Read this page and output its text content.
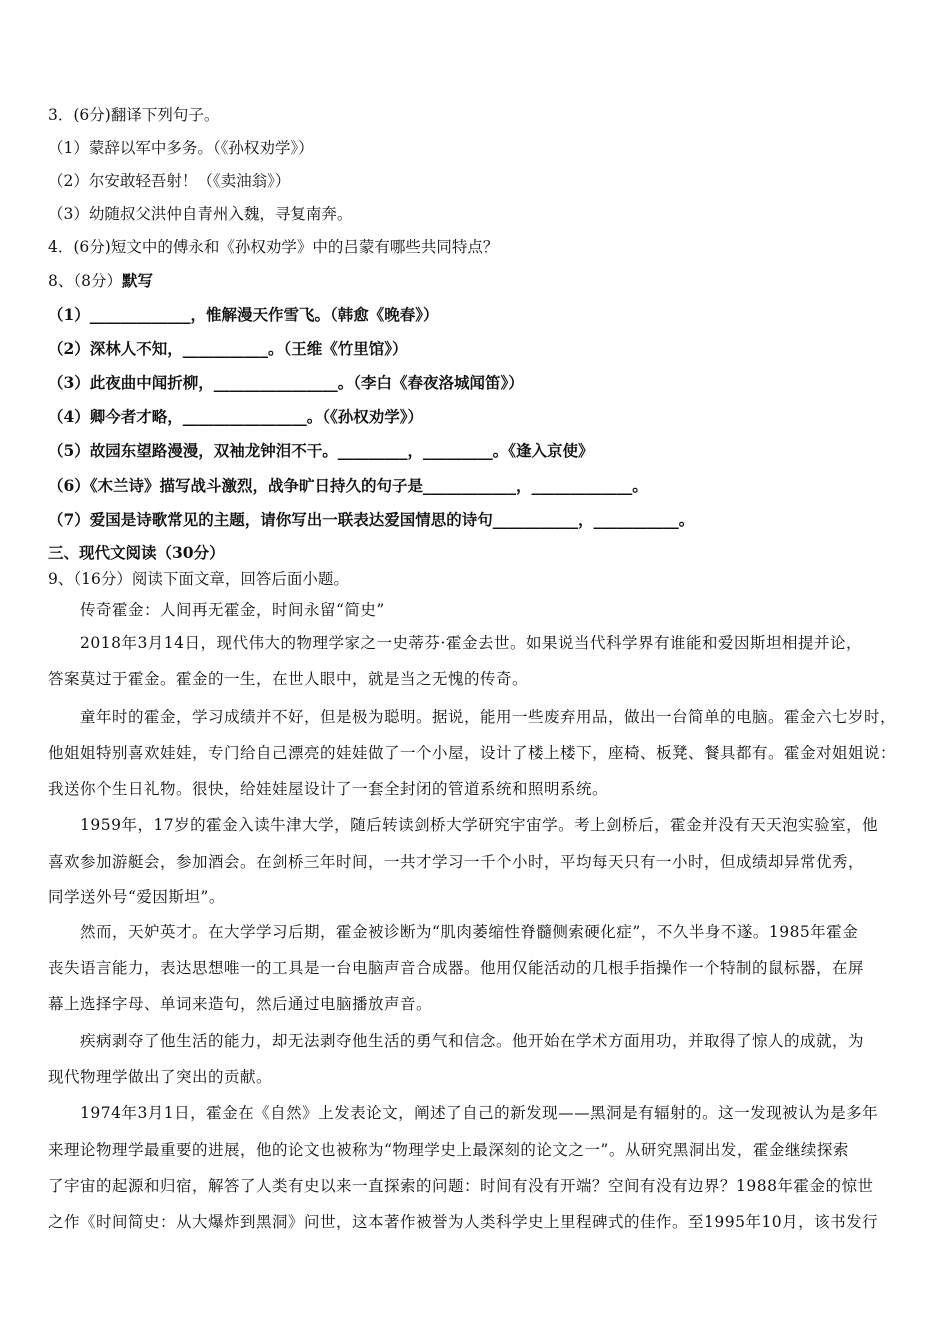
3．(6分)翻译下列句子。
（1）蒙辞以军中多务。（《孙权劝学》）
（2）尔安敢轻吾射！（《卖油翁》）
（3）幼随叔父洪仲自青州入魏，寻复南奔。
4．(6分)短文中的傅永和《孙权劝学》中的吕蒙有哪些共同特点？
8、（8分）默写
（1）_____________，惟解漫天作雪飞。（韩愈《晚春》）
（2）深林人不知，___________。（王维《竹里馆》）
（3）此夜曲中闻折柳，________________。（李白《春夜洛城闻笛》）
（4）卿今者才略，________________。（《孙权劝学》）
（5）故园东望路漫漫，双袖龙钟泪不干。_________，_________。《逢入京使》
（6）《木兰诗》描写战斗激烈，战争旷日持久的句子是____________，_____________。
（7）爱国是诗歌常见的主题，请你写出一联表达爱国情思的诗句___________，___________。
三、现代文阅读（30分）
9、（16分）阅读下面文章，回答后面小题。
传奇霍金：人间再无霍金，时间永留“简史”
2018年3月14日，现代伟大的物理学家之一史蒂芬·霍金去世。如果说当代科学界有谁能和爱因斯坦相提并论，
答案莫过于霍金。霍金的一生，在世人眼中，就是当之无愧的传奇。
童年时的霍金，学习成绩并不好，但是极为聪明。据说，能用一些废弃用品，做出一台简单的电脑。霍金六七岁时，
他姐姐特别喜欢娃娃，专门给自己漂亮的娃娃做了一个小屋，设计了楼上楼下，座椅、板凳、餐具都有。霍金对姐姐说：
我送你个生日礼物。很快，给娃娃屋设计了一套全封闭的管道系统和照明系统。
1959年，17岁的霍金入读牛津大学，随后转读剑桥大学研究宇宙学。考上剑桥后，霍金并没有天天泡实验室，他
喜欢参加游艇会，参加酒会。在剑桥三年时间，一共才学习一千个小时，平均每天只有一小时，但成绩却异常优秀，
同学送外号“爱因斯坦”。
然而，天妒英才。在大学学习后期，霍金被诊断为“肌肉萎缩性脊髓侧索硬化症”，不久半身不遂。1985年霍金
丧失语言能力，表达思想唯一的工具是一台电脑声音合成器。他用仅能活动的几根手指操作一个特制的鼠标器，在屏
幕上选择字母、单词来造句，然后通过电脑播放声音。
疾病剥夺了他生活的能力，却无法剥夺他生活的勇气和信念。他开始在学术方面用功，并取得了惊人的成就，为
现代物理学做出了突出的贡献。
1974年3月1日，霍金在《自然》上发表论文，阐述了自己的新发现——黑洞是有辐射的。这一发现被认为是多年
来理论物理学最重要的进展，他的论文也被称为“物理学史上最深刻的论文之一”。从研究黑洞出发，霍金继续探索
了宇宙的起源和归宿，解答了人类有史以来一直探索的问题：时间有没有开端？空间有没有边界？1988年霍金的惊世
之作《时间简史：从大爆炸到黑洞》问世，这本著作被誉为人类科学史上里程碑式的佳作。至1995年10月，该书发行
